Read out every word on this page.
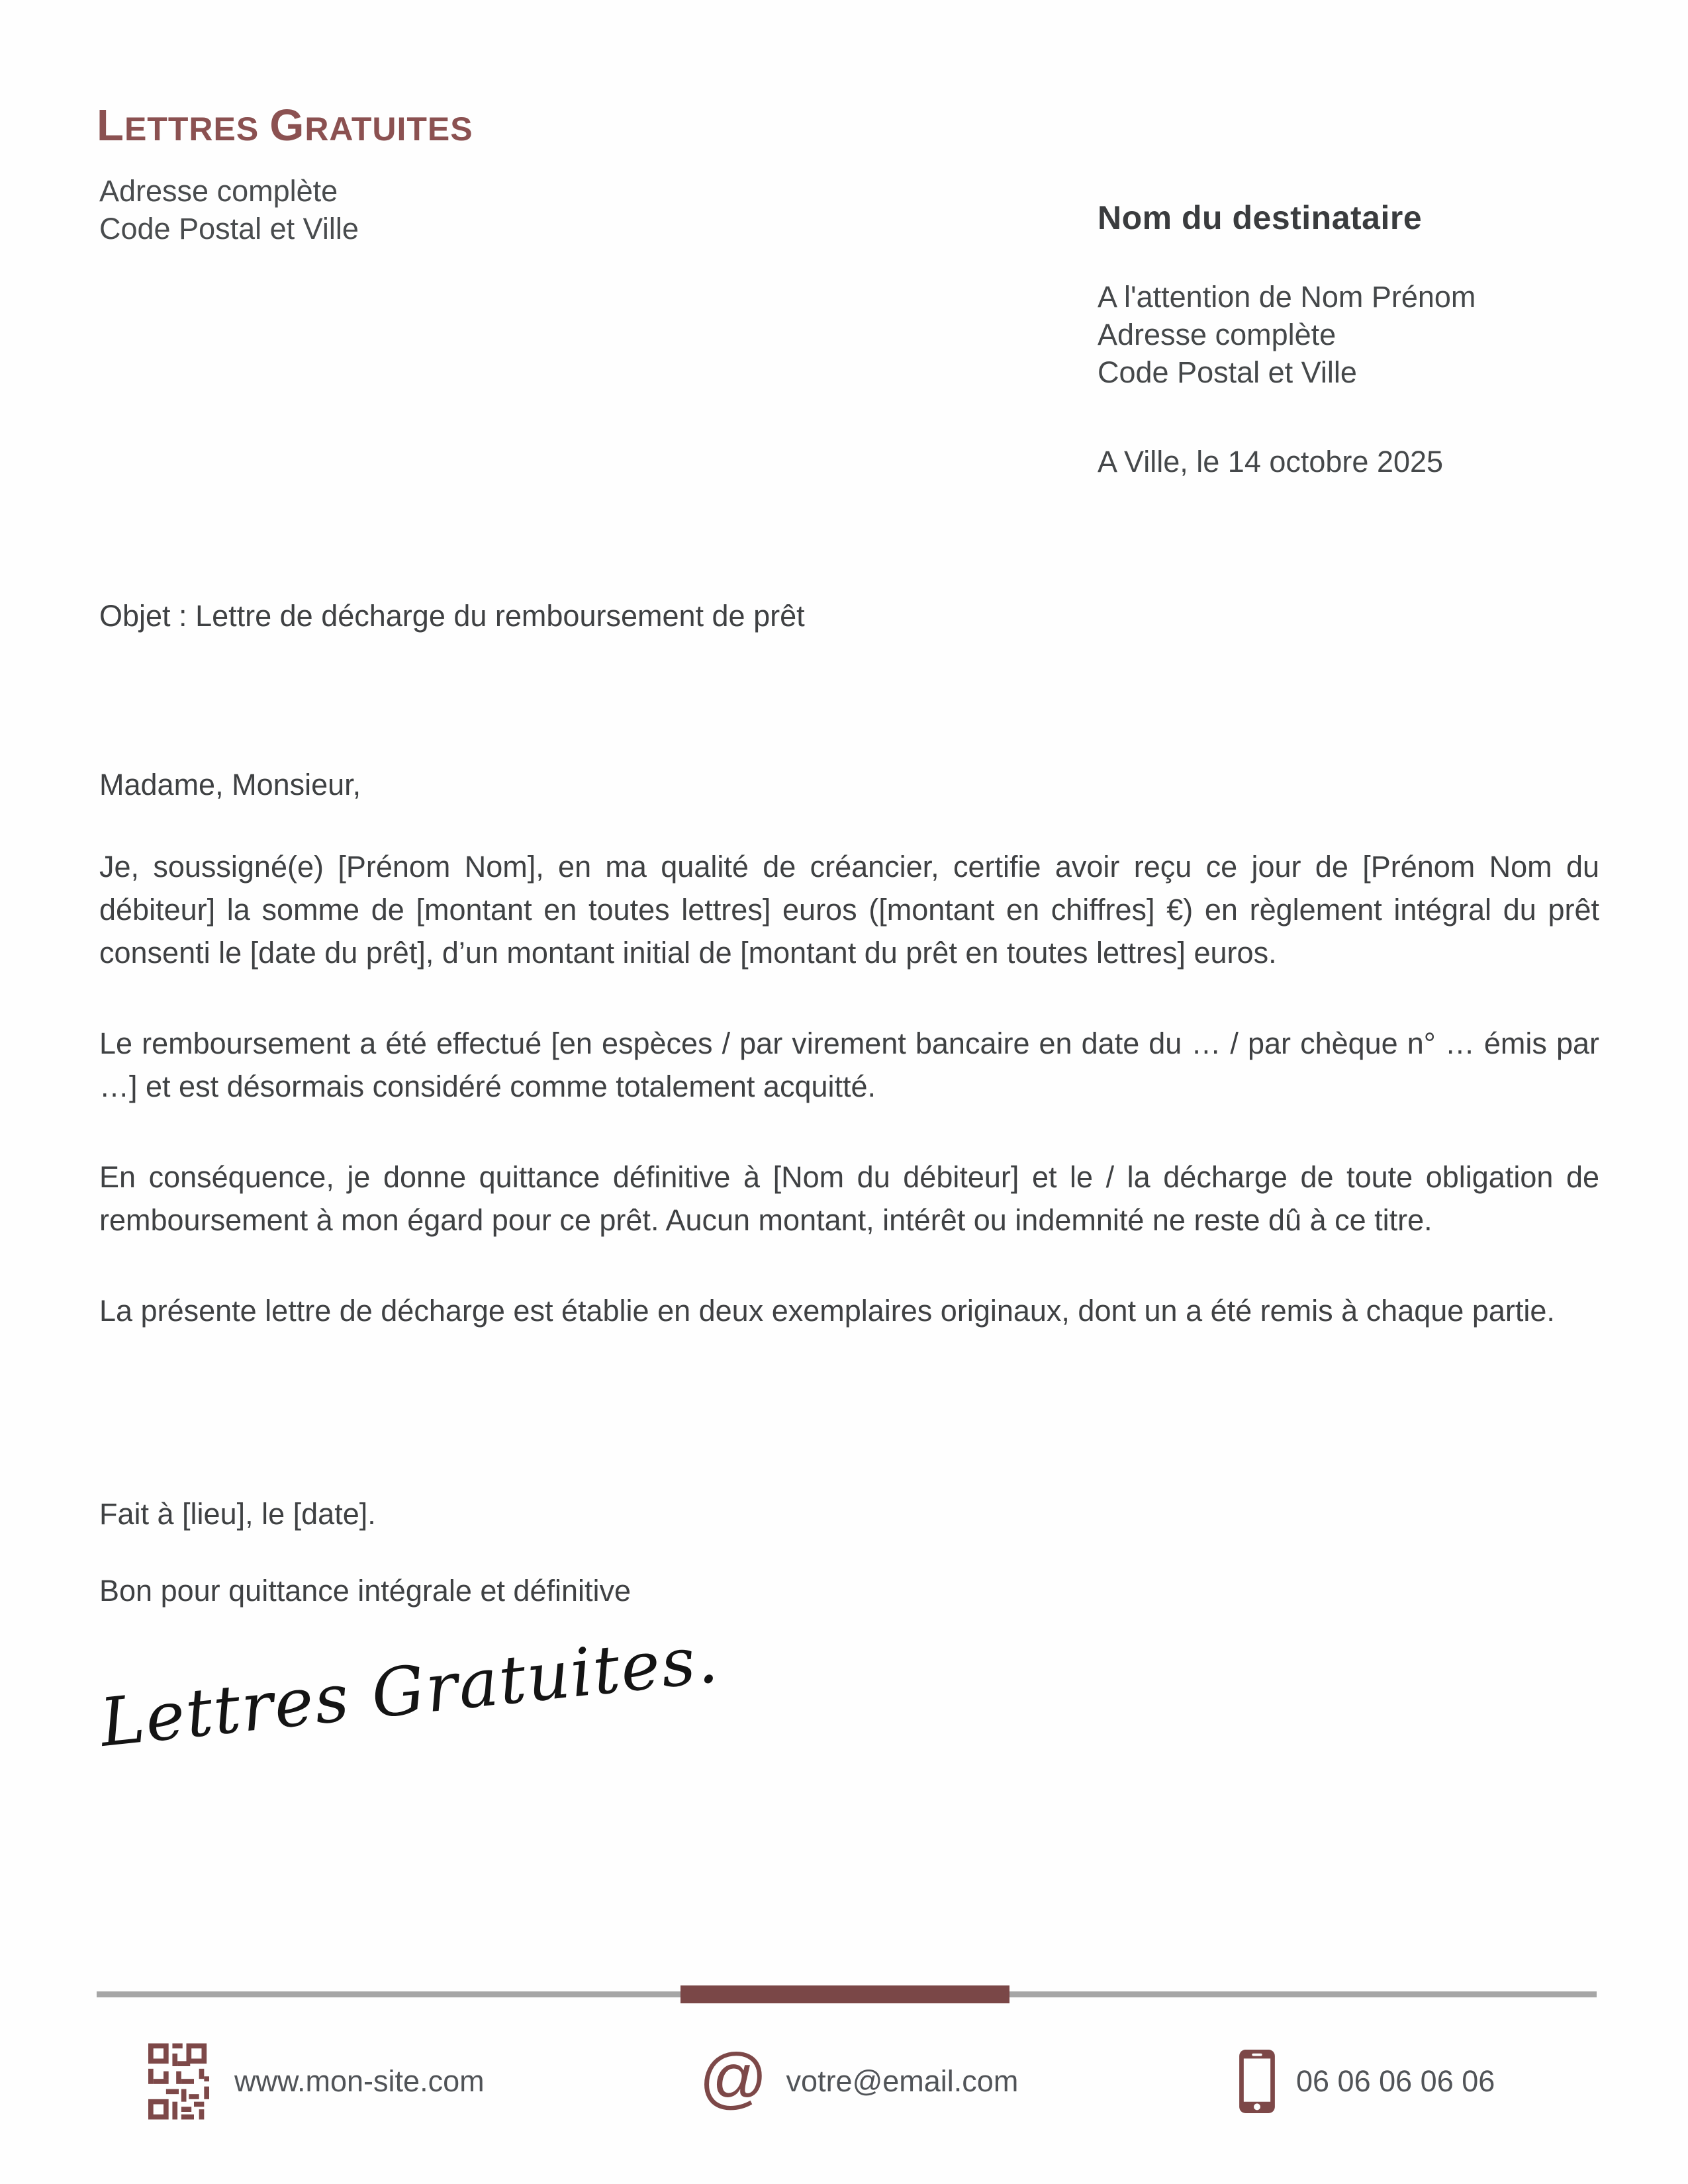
LETTRES GRATUITES
Adresse complète
Code Postal et Ville	Nom du destinataire
A l'attention de Nom Prénom
Adresse complète
Code Postal et Ville
A Ville, le 14 octobre 2025
Objet : Lettre de décharge du remboursement de prêt
Madame, Monsieur,

Je, soussigné(e) [Prénom Nom], en ma qualité de créancier, certifie avoir reçu ce jour de [Prénom Nom du débiteur] la somme de [montant en toutes lettres] euros ([montant en chiffres] €) en règlement intégral du prêt consenti le [date du prêt], d’un montant initial de [montant du prêt en toutes lettres] euros.

Le remboursement a été effectué [en espèces / par virement bancaire en date du … / par chèque n° … émis par …] et est désormais considéré comme totalement acquitté.

En conséquence, je donne quittance définitive à [Nom du débiteur] et le / la décharge de toute obligation de remboursement à mon égard pour ce prêt. Aucun montant, intérêt ou indemnité ne reste dû à ce titre.

La présente lettre de décharge est établie en deux exemplaires originaux, dont un a été remis à chaque partie.

Fait à [lieu], le [date].
Bon pour quittance intégrale et définitive
Lettres Gratuites.
www.mon-site.com	@ votre@email.com	06 06 06 06 06
